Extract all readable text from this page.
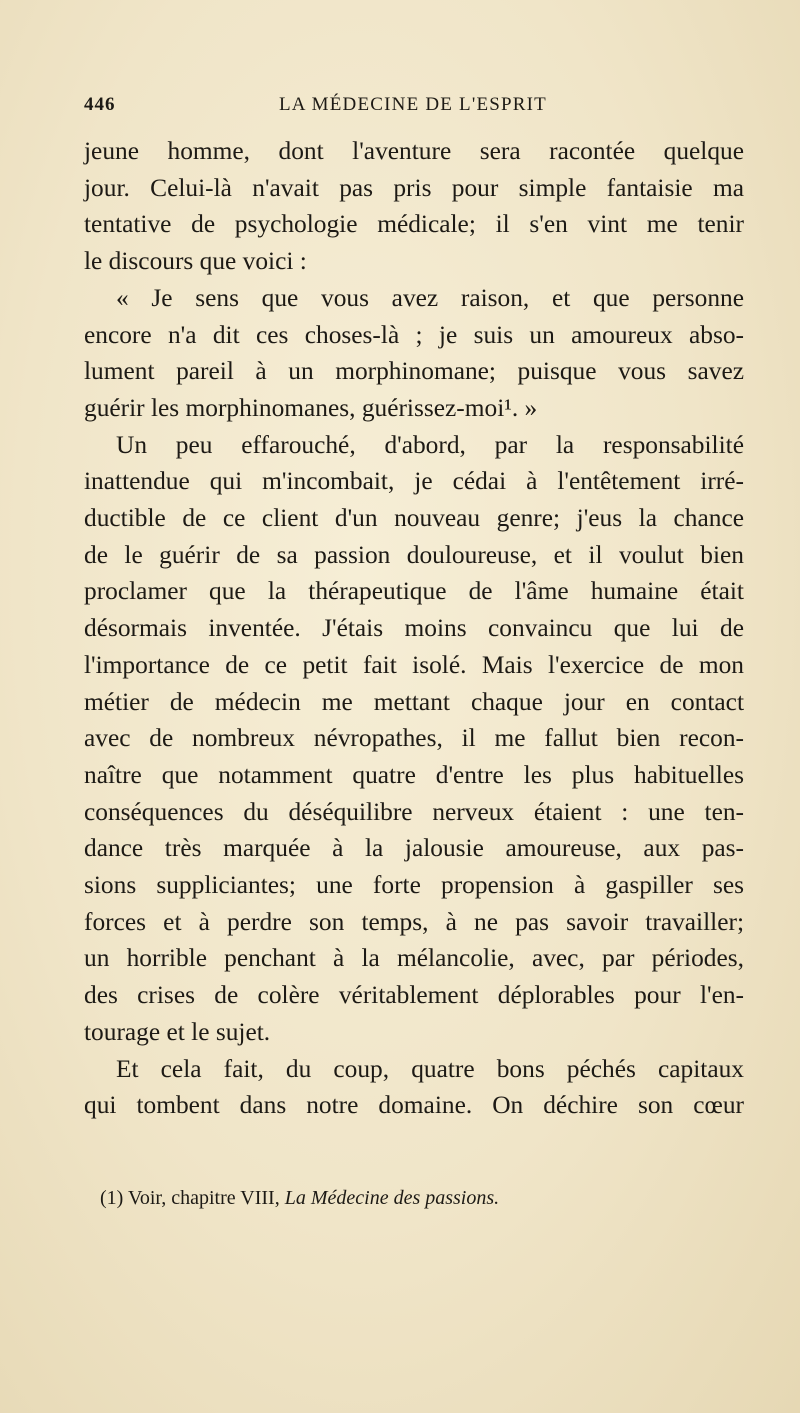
446	LA MÉDECINE DE L'ESPRIT
jeune homme, dont l'aventure sera racontée quelque
jour. Celui-là n'avait pas pris pour simple fantaisie ma
tentative de psychologie médicale; il s'en vint me tenir
le discours que voici :
« Je sens que vous avez raison, et que personne
encore n'a dit ces choses-là ; je suis un amoureux abso-
lument pareil à un morphinomane; puisque vous savez
guérir les morphinomanes, guérissez-moi¹. »
Un peu effarouché, d'abord, par la responsabilité
inattendue qui m'incombait, je cédai à l'entêtement irré-
ductible de ce client d'un nouveau genre; j'eus la chance
de le guérir de sa passion douloureuse, et il voulut bien
proclamer que la thérapeutique de l'âme humaine était
désormais inventée. J'étais moins convaincu que lui de
l'importance de ce petit fait isolé. Mais l'exercice de mon
métier de médecin me mettant chaque jour en contact
avec de nombreux névropathes, il me fallut bien recon-
naître que notamment quatre d'entre les plus habituelles
conséquences du déséquilibre nerveux étaient : une ten-
dance très marquée à la jalousie amoureuse, aux pas-
sions suppliciantes; une forte propension à gaspiller ses
forces et à perdre son temps, à ne pas savoir travailler;
un horrible penchant à la mélancolie, avec, par périodes,
des crises de colère véritablement déplorables pour l'en-
tourage et le sujet.
Et cela fait, du coup, quatre bons péchés capitaux
qui tombent dans notre domaine. On déchire son cœur
(1) Voir, chapitre VIII, La Médecine des passions.
